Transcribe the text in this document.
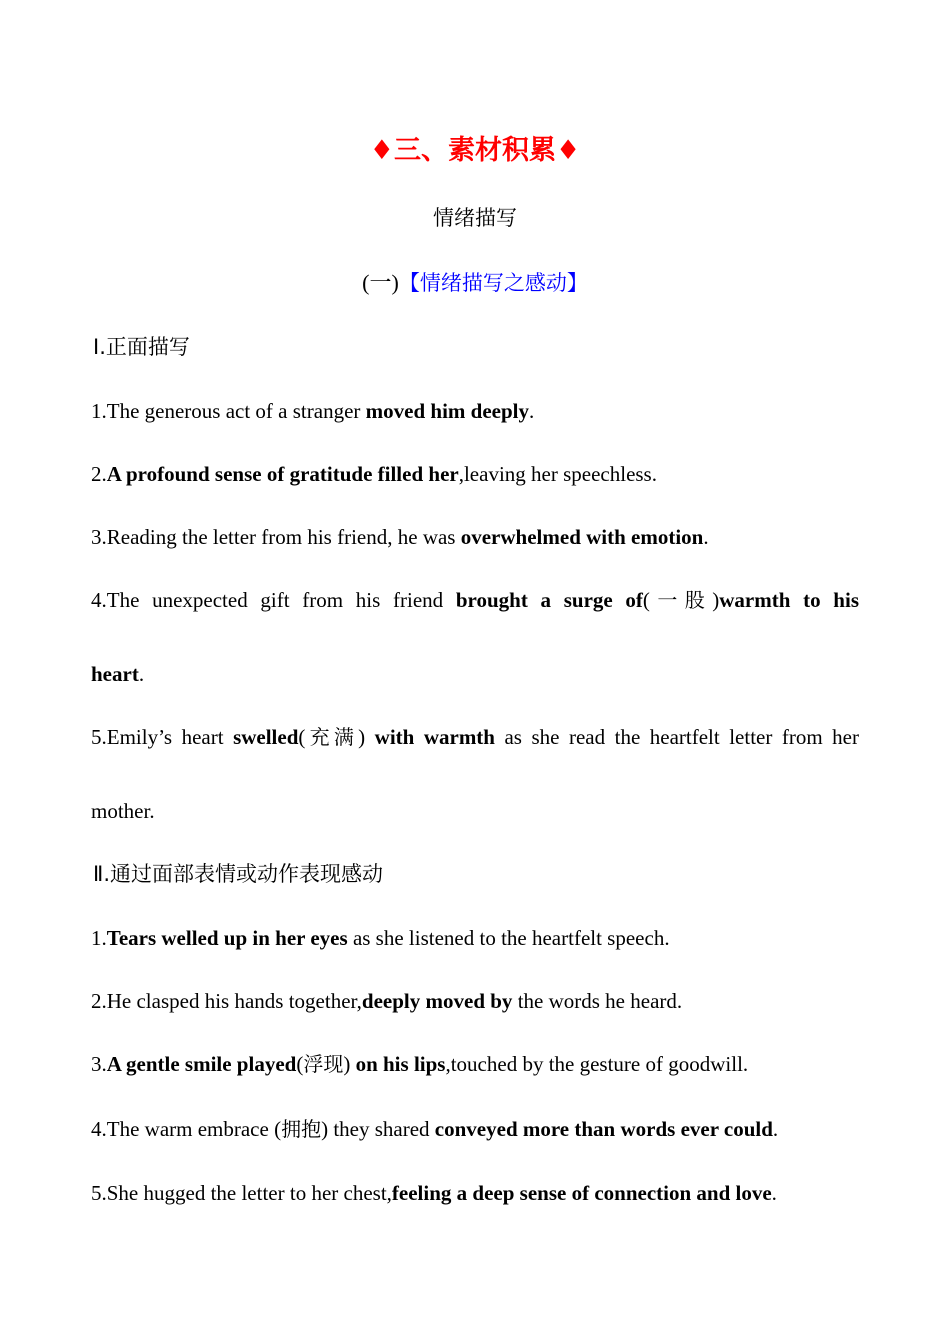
♦三、素材积累♦
情绪描写
(一)【情绪描写之感动】
Ⅰ.正面描写
1.The generous act of a stranger moved him deeply.
2.A profound sense of gratitude filled her,leaving her speechless.
3.Reading the letter from his friend, he was overwhelmed with emotion.
4.The unexpected gift from his friend brought a surge of(一股)warmth to his
heart.
5.Emily’s heart swelled(充满) with warmth as she read the heartfelt letter from her
mother.
Ⅱ.通过面部表情或动作表现感动
1.Tears welled up in her eyes as she listened to the heartfelt speech.
2.He clasped his hands together,deeply moved by the words he heard.
3.A gentle smile played(浮现) on his lips,touched by the gesture of goodwill.
4.The warm embrace (拥抱) they shared conveyed more than words ever could.
5.She hugged the letter to her chest,feeling a deep sense of connection and love.
